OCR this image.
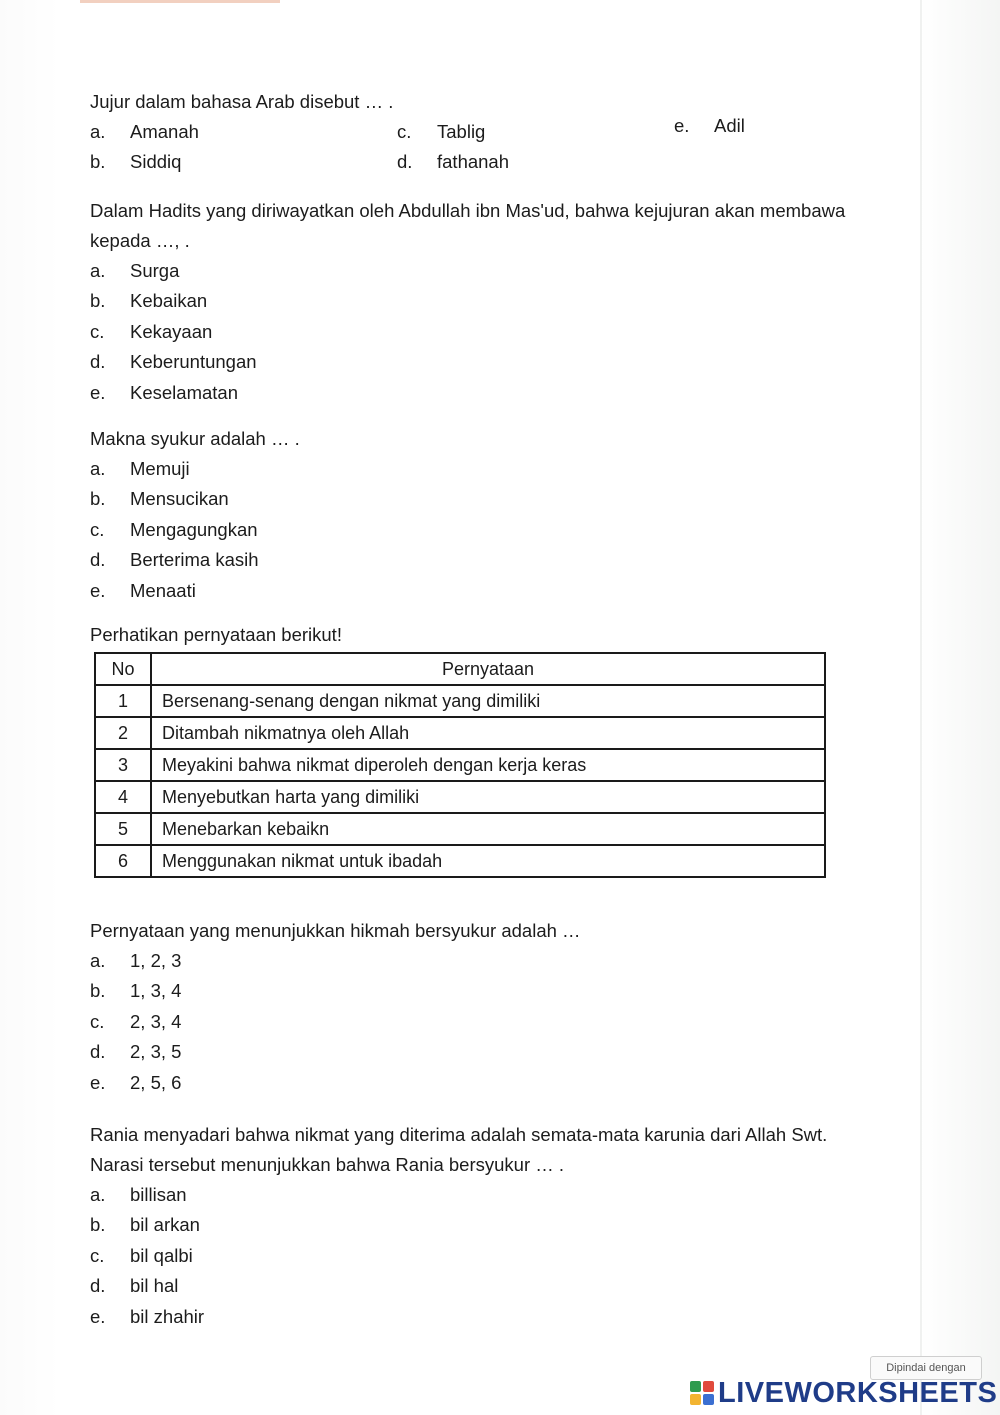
Jujur dalam bahasa Arab disebut … .

a.	Amanah	c.	Tablig	e.	Adil
b.	Siddiq	d.	fathanah

Dalam Hadits yang diriwayatkan oleh Abdullah ibn Mas'ud, bahwa kejujuran akan membawa

kepada …, .

a.	Surga
b.	Kebaikan
c.	Kekayaan
d.	Keberuntungan
e.	Keselamatan

Makna syukur adalah … .

a.	Memuji
b.	Mensucikan
c.	Mengagungkan
d.	Berterima kasih
e.	Menaati

Perhatikan pernyataan berikut!

No	Pernyataan
1	Bersenang-senang dengan nikmat yang dimiliki
2	Ditambah nikmatnya oleh Allah
3	Meyakini bahwa nikmat diperoleh dengan kerja keras
4	Menyebutkan harta yang dimiliki
5	Menebarkan kebaikn
6	Menggunakan nikmat untuk ibadah

Pernyataan yang menunjukkan hikmah bersyukur adalah …

a.	1, 2, 3
b.	1, 3, 4
c.	2, 3, 4
d.	2, 3, 5
e.	2, 5, 6

Rania menyadari bahwa nikmat yang diterima adalah semata-mata karunia dari Allah Swt.

Narasi tersebut menunjukkan bahwa Rania bersyukur … .

a.	billisan
b.	bil arkan
c.	bil qalbi
d.	bil hal
e.	bil zhahir
Dipindai dengan
LIVEWORKSHEETS
